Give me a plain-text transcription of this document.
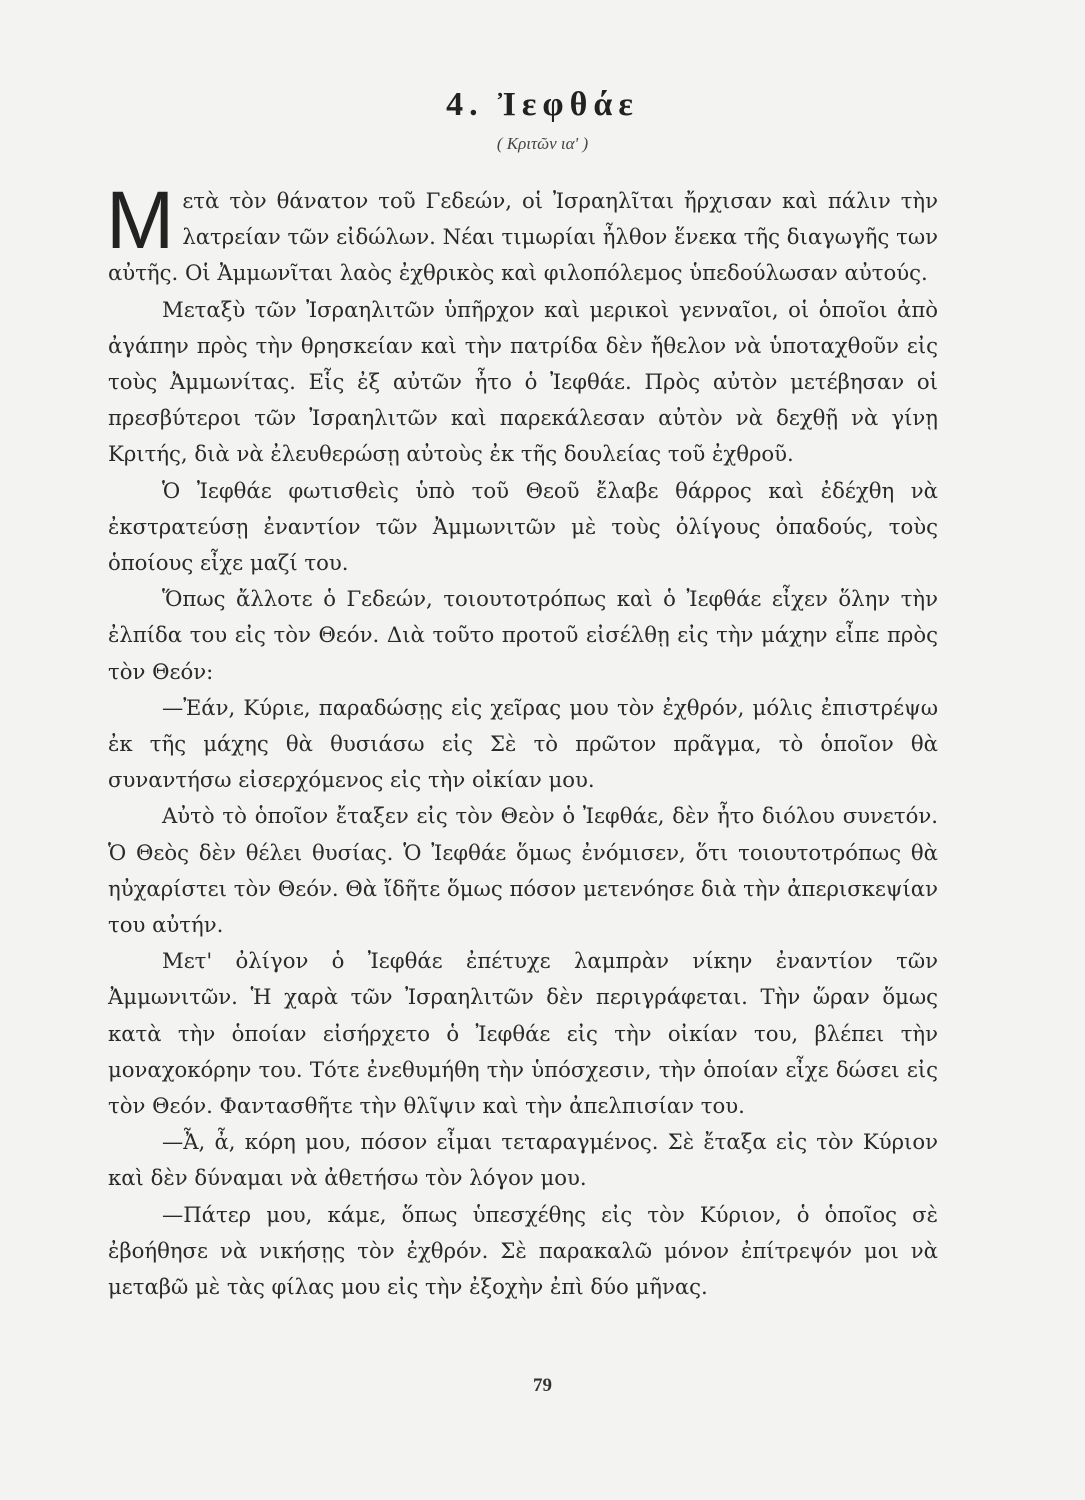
4. Ἰεφθάε
( Κριτῶν ια' )

Μετὰ τὸν θάνατον τοῦ Γεδεών, οἱ Ἰσραηλῖται ἤρχισαν καὶ πάλιν τὴν λατρείαν τῶν εἰδώλων. Νέαι τιμωρίαι ἦλθον ἕνεκα τῆς διαγωγῆς των αὐτῆς. Οἱ Ἀμμωνῖται λαὸς ἐχθρικὸς καὶ φιλοπόλεμος ὑπεδούλωσαν αὐτούς.

Μεταξὺ τῶν Ἰσραηλιτῶν ὑπῆρχον καὶ μερικοὶ γενναῖοι, οἱ ὁποῖοι ἀπὸ ἀγάπην πρὸς τὴν θρησκείαν καὶ τὴν πατρίδα δὲν ἤθελον νὰ ὑποταχθοῦν εἰς τοὺς Ἀμμωνίτας. Εἷς ἐξ αὐτῶν ἦτο ὁ Ἰεφθάε. Πρὸς αὐτὸν μετέβησαν οἱ πρεσβύτεροι τῶν Ἰσραηλιτῶν καὶ παρεκάλεσαν αὐτὸν νὰ δεχθῇ νὰ γίνῃ Κριτής, διὰ νὰ ἐλευθερώσῃ αὐτοὺς ἐκ τῆς δουλείας τοῦ ἐχθροῦ.

Ὁ Ἰεφθάε φωτισθεὶς ὑπὸ τοῦ Θεοῦ ἔλαβε θάρρος καὶ ἐδέχθη νὰ ἐκστρατεύσῃ ἐναντίον τῶν Ἀμμωνιτῶν μὲ τοὺς ὀλίγους ὀπαδούς, τοὺς ὁποίους εἶχε μαζί του.

Ὅπως ἄλλοτε ὁ Γεδεών, τοιουτοτρόπως καὶ ὁ Ἰεφθάε εἶχεν ὅλην τὴν ἐλπίδα του εἰς τὸν Θεόν. Διὰ τοῦτο προτοῦ εἰσέλθῃ εἰς τὴν μάχην εἶπε πρὸς τὸν Θεόν:

—Ἐάν, Κύριε, παραδώσῃς εἰς χεῖρας μου τὸν ἐχθρόν, μόλις ἐπιστρέψω ἐκ τῆς μάχης θὰ θυσιάσω εἰς Σὲ τὸ πρῶτον πρᾶγμα, τὸ ὁποῖον θὰ συναντήσω εἰσερχόμενος εἰς τὴν οἰκίαν μου.

Αὐτὸ τὸ ὁποῖον ἔταξεν εἰς τὸν Θεὸν ὁ Ἰεφθάε, δὲν ἦτο διόλου συνετόν. Ὁ Θεὸς δὲν θέλει θυσίας. Ὁ Ἰεφθάε ὅμως ἐνόμισεν, ὅτι τοιουτοτρόπως θὰ ηὐχαρίστει τὸν Θεόν. Θὰ ἴδῆτε ὅμως πόσον μετενόησε διὰ τὴν ἀπερισκεψίαν του αὐτήν.

Μετ' ὀλίγον ὁ Ἰεφθάε ἐπέτυχε λαμπρὰν νίκην ἐναντίον τῶν Ἀμμωνιτῶν. Ἡ χαρὰ τῶν Ἰσραηλιτῶν δὲν περιγράφεται. Τὴν ὥραν ὅμως κατὰ τὴν ὁποίαν εἰσήρχετο ὁ Ἰεφθάε εἰς τὴν οἰκίαν του, βλέπει τὴν μοναχοκόρην του. Τότε ἐνεθυμήθη τὴν ὑπόσχεσιν, τὴν ὁποίαν εἶχε δώσει εἰς τὸν Θεόν. Φαντασθῆτε τὴν θλῖψιν καὶ τὴν ἀπελπισίαν του.

—Ἆ, ἆ, κόρη μου, πόσον εἶμαι τεταραγμένος. Σὲ ἔταξα εἰς τὸν Κύριον καὶ δὲν δύναμαι νὰ ἀθετήσω τὸν λόγον μου.

—Πάτερ μου, κάμε, ὅπως ὑπεσχέθης εἰς τὸν Κύριον, ὁ ὁποῖος σὲ ἐβοήθησε νὰ νικήσῃς τὸν ἐχθρόν. Σὲ παρακαλῶ μόνον ἐπίτρεψόν μοι νὰ μεταβῶ μὲ τὰς φίλας μου εἰς τὴν ἐξοχὴν ἐπὶ δύο μῆνας.

79
